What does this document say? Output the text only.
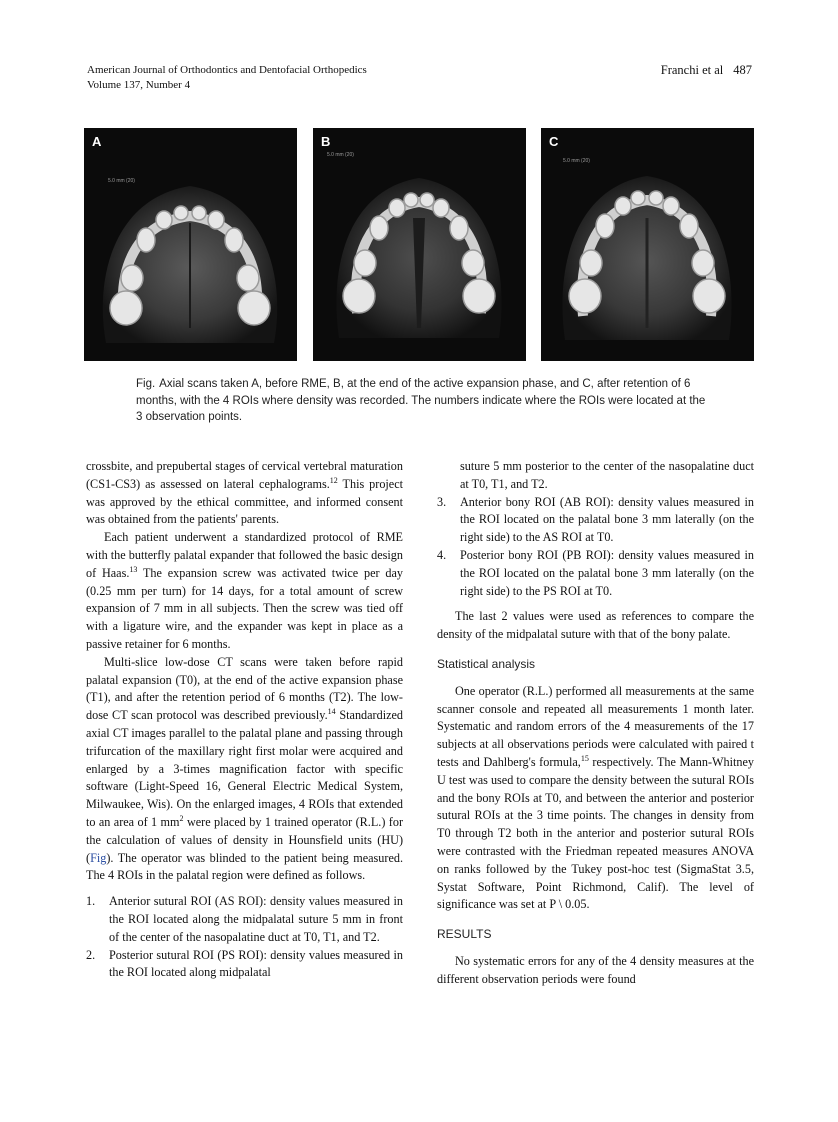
American Journal of Orthodontics and Dentofacial Orthopedics
Volume 137, Number 4
Franchi et al 487
A
5.0 mm (20)
B
5.0 mm (20)
C
5.0 mm (20)
Fig. Axial scans taken A, before RME, B, at the end of the active expansion phase, and C, after retention of 6 months, with the 4 ROIs where density was recorded. The numbers indicate where the ROIs were located at the 3 observation points.

crossbite, and prepubertal stages of cervical vertebral maturation (CS1-CS3) as assessed on lateral cephalograms.$^{12}$ This project was approved by the ethical committee, and informed consent was obtained from the patients' parents.

Each patient underwent a standardized protocol of RME with the butterfly palatal expander that followed the basic design of Haas.$^{13}$ The expansion screw was activated twice per day (0.25 mm per turn) for 14 days, for a total amount of screw expansion of 7 mm in all subjects. Then the screw was tied off with a ligature wire, and the expander was kept in place as a passive retainer for 6 months.

Multi-slice low-dose CT scans were taken before rapid palatal expansion (T0), at the end of the active expansion phase (T1), and after the retention period of 6 months (T2). The low-dose CT scan protocol was described previously.$^{14}$ Standardized axial CT images parallel to the palatal plane and passing through trifurcation of the maxillary right first molar were acquired and enlarged by a 3-times magnification factor with specific software (Light-Speed 16, General Electric Medical System, Milwaukee, Wis). On the enlarged images, 4 ROIs that extended to an area of 1 $mm^2$ were placed by 1 trained operator (R.L.) for the calculation of values of density in Hounsfield units (HU) (Fig). The operator was blinded to the patient being measured. The 4 ROIs in the palatal region were defined as follows.

1. Anterior sutural ROI (AS ROI): density values measured in the ROI located along the midpalatal suture 5 mm in front of the center of the nasopalatine duct at T0, T1, and T2.
2. Posterior sutural ROI (PS ROI): density values measured in the ROI located along midpalatal
suture 5 mm posterior to the center of the nasopalatine duct at T0, T1, and T2.
3. Anterior bony ROI (AB ROI): density values measured in the ROI located on the palatal bone 3 mm laterally (on the right side) to the AS ROI at T0.
4. Posterior bony ROI (PB ROI): density values measured in the ROI located on the palatal bone 3 mm laterally (on the right side) to the PS ROI at T0.

The last 2 values were used as references to compare the density of the midpalatal suture with that of the bony palate.

Statistical analysis

One operator (R.L.) performed all measurements at the same scanner console and repeated all measurements 1 month later. Systematic and random errors of the 4 measurements of the 17 subjects at all observations periods were calculated with paired t tests and Dahlberg's formula,$^{15}$ respectively. The Mann-Whitney U test was used to compare the density between the sutural ROIs and the bony ROIs at T0, and between the anterior and posterior sutural ROIs at the 3 time points. The changes in density from T0 through T2 both in the anterior and posterior sutural ROIs were contrasted with the Friedman repeated measures ANOVA on ranks followed by the Tukey post-hoc test (SigmaStat 3.5, Systat Software, Point Richmond, Calif). The level of significance was set at P \ 0.05.

RESULTS

No systematic errors for any of the 4 density measures at the different observation periods were found
